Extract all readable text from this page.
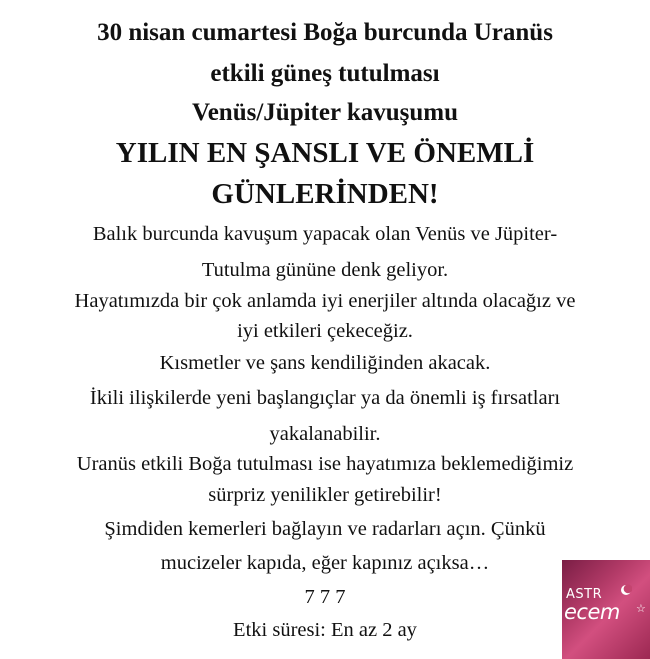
30 nisan cumartesi Boğa burcunda Uranüs
etkili güneş tutulması
Venüs/Jüpiter kavuşumu
YILIN EN ŞANSLI VE ÖNEMLİ
GÜNLERİNDEN!
Balık burcunda kavuşum yapacak olan Venüs ve Jüpiter-
Tutulma gününe denk geliyor.
Hayatımızda bir çok anlamda iyi enerjiler altında olacağız ve
iyi etkileri çekeceğiz.
Kısmetler ve şans kendiliğinden akacak.
İkili ilişkilerde yeni başlangıçlar ya da önemli iş fırsatları
yakalanabilir.
Uranüs etkili Boğa tutulması ise hayatımıza beklemediğimiz
sürpriz yenilikler getirebilir!
Şimdiden kemerleri bağlayın ve radarları açın. Çünkü
mucizeler kapıda, eğer kapınız açıksa…
7 7 7
Etki süresi: En az 2 ay
ASTR
ecem ☆
